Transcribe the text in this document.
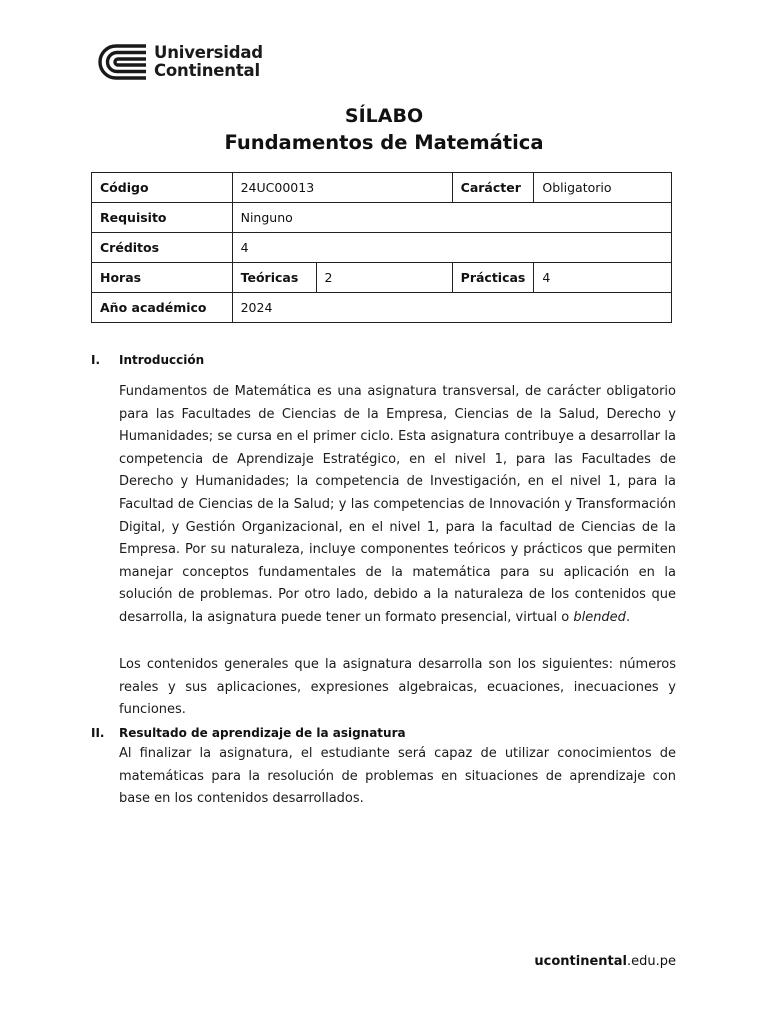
Universidad
Continental
SÍLABO
Fundamentos de Matemática
Código	24UC00013		Carácter	Obligatorio
Requisito	Ninguno			
Créditos	4			
Horas	Teóricas	2	Prácticas	4
Año académico	2024			
I. Introducción
Fundamentos de Matemática es una asignatura transversal, de carácter obligatorio para las Facultades de Ciencias de la Empresa, Ciencias de la Salud, Derecho y Humanidades; se cursa en el primer ciclo. Esta asignatura contribuye a desarrollar la competencia de Aprendizaje Estratégico, en el nivel 1, para las Facultades de Derecho y Humanidades; la competencia de Investigación, en el nivel 1, para la Facultad de Ciencias de la Salud; y las competencias de Innovación y Transformación Digital, y Gestión Organizacional, en el nivel 1, para la facultad de Ciencias de la Empresa. Por su naturaleza, incluye componentes teóricos y prácticos que permiten manejar conceptos fundamentales de la matemática para su aplicación en la solución de problemas. Por otro lado, debido a la naturaleza de los contenidos que desarrolla, la asignatura puede tener un formato presencial, virtual o blended.
Los contenidos generales que la asignatura desarrolla son los siguientes: números reales y sus aplicaciones, expresiones algebraicas, ecuaciones, inecuaciones y funciones.
II. Resultado de aprendizaje de la asignatura
Al finalizar la asignatura, el estudiante será capaz de utilizar conocimientos de matemáticas para la resolución de problemas en situaciones de aprendizaje con base en los contenidos desarrollados.
ucontinental.edu.pe
